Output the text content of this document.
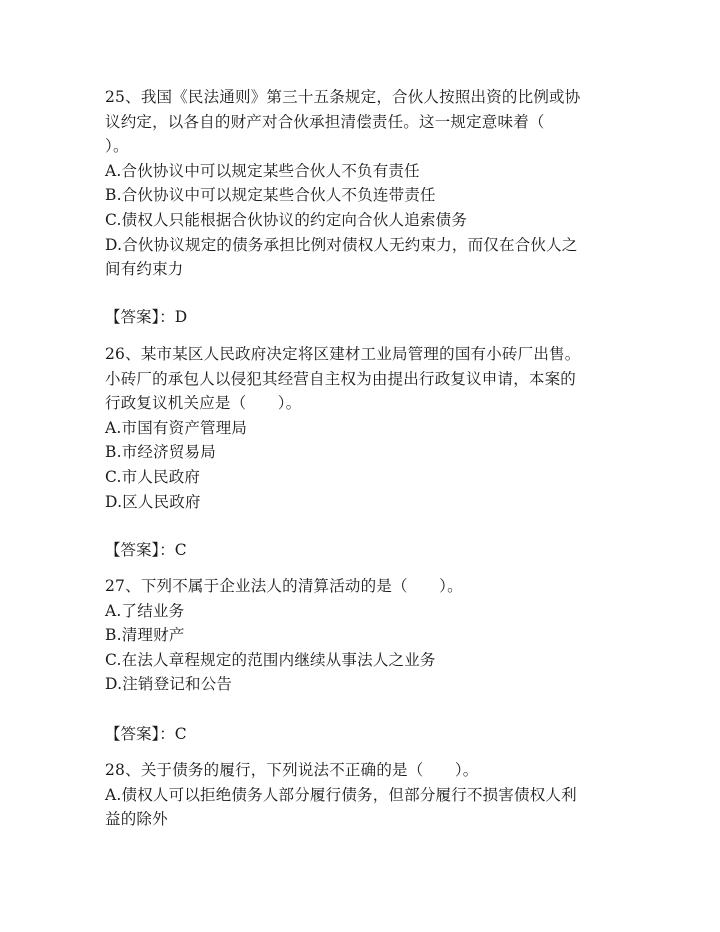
25、我国《民法通则》第三十五条规定，合伙人按照出资的比例或协
议约定，以各自的财产对合伙承担清偿责任。这一规定意味着（
）。
A.合伙协议中可以规定某些合伙人不负有责任
B.合伙协议中可以规定某些合伙人不负连带责任
C.债权人只能根据合伙协议的约定向合伙人追索债务
D.合伙协议规定的债务承担比例对债权人无约束力，而仅在合伙人之
间有约束力
【答案】：D
26、某市某区人民政府决定将区建材工业局管理的国有小砖厂出售。
小砖厂的承包人以侵犯其经营自主权为由提出行政复议申请，本案的
行政复议机关应是（　　）。
A.市国有资产管理局
B.市经济贸易局
C.市人民政府
D.区人民政府
【答案】：C
27、下列不属于企业法人的清算活动的是（　　）。
A.了结业务
B.清理财产
C.在法人章程规定的范围内继续从事法人之业务
D.注销登记和公告
【答案】：C
28、关于债务的履行，下列说法不正确的是（　　）。
A.债权人可以拒绝债务人部分履行债务，但部分履行不损害债权人利
益的除外
